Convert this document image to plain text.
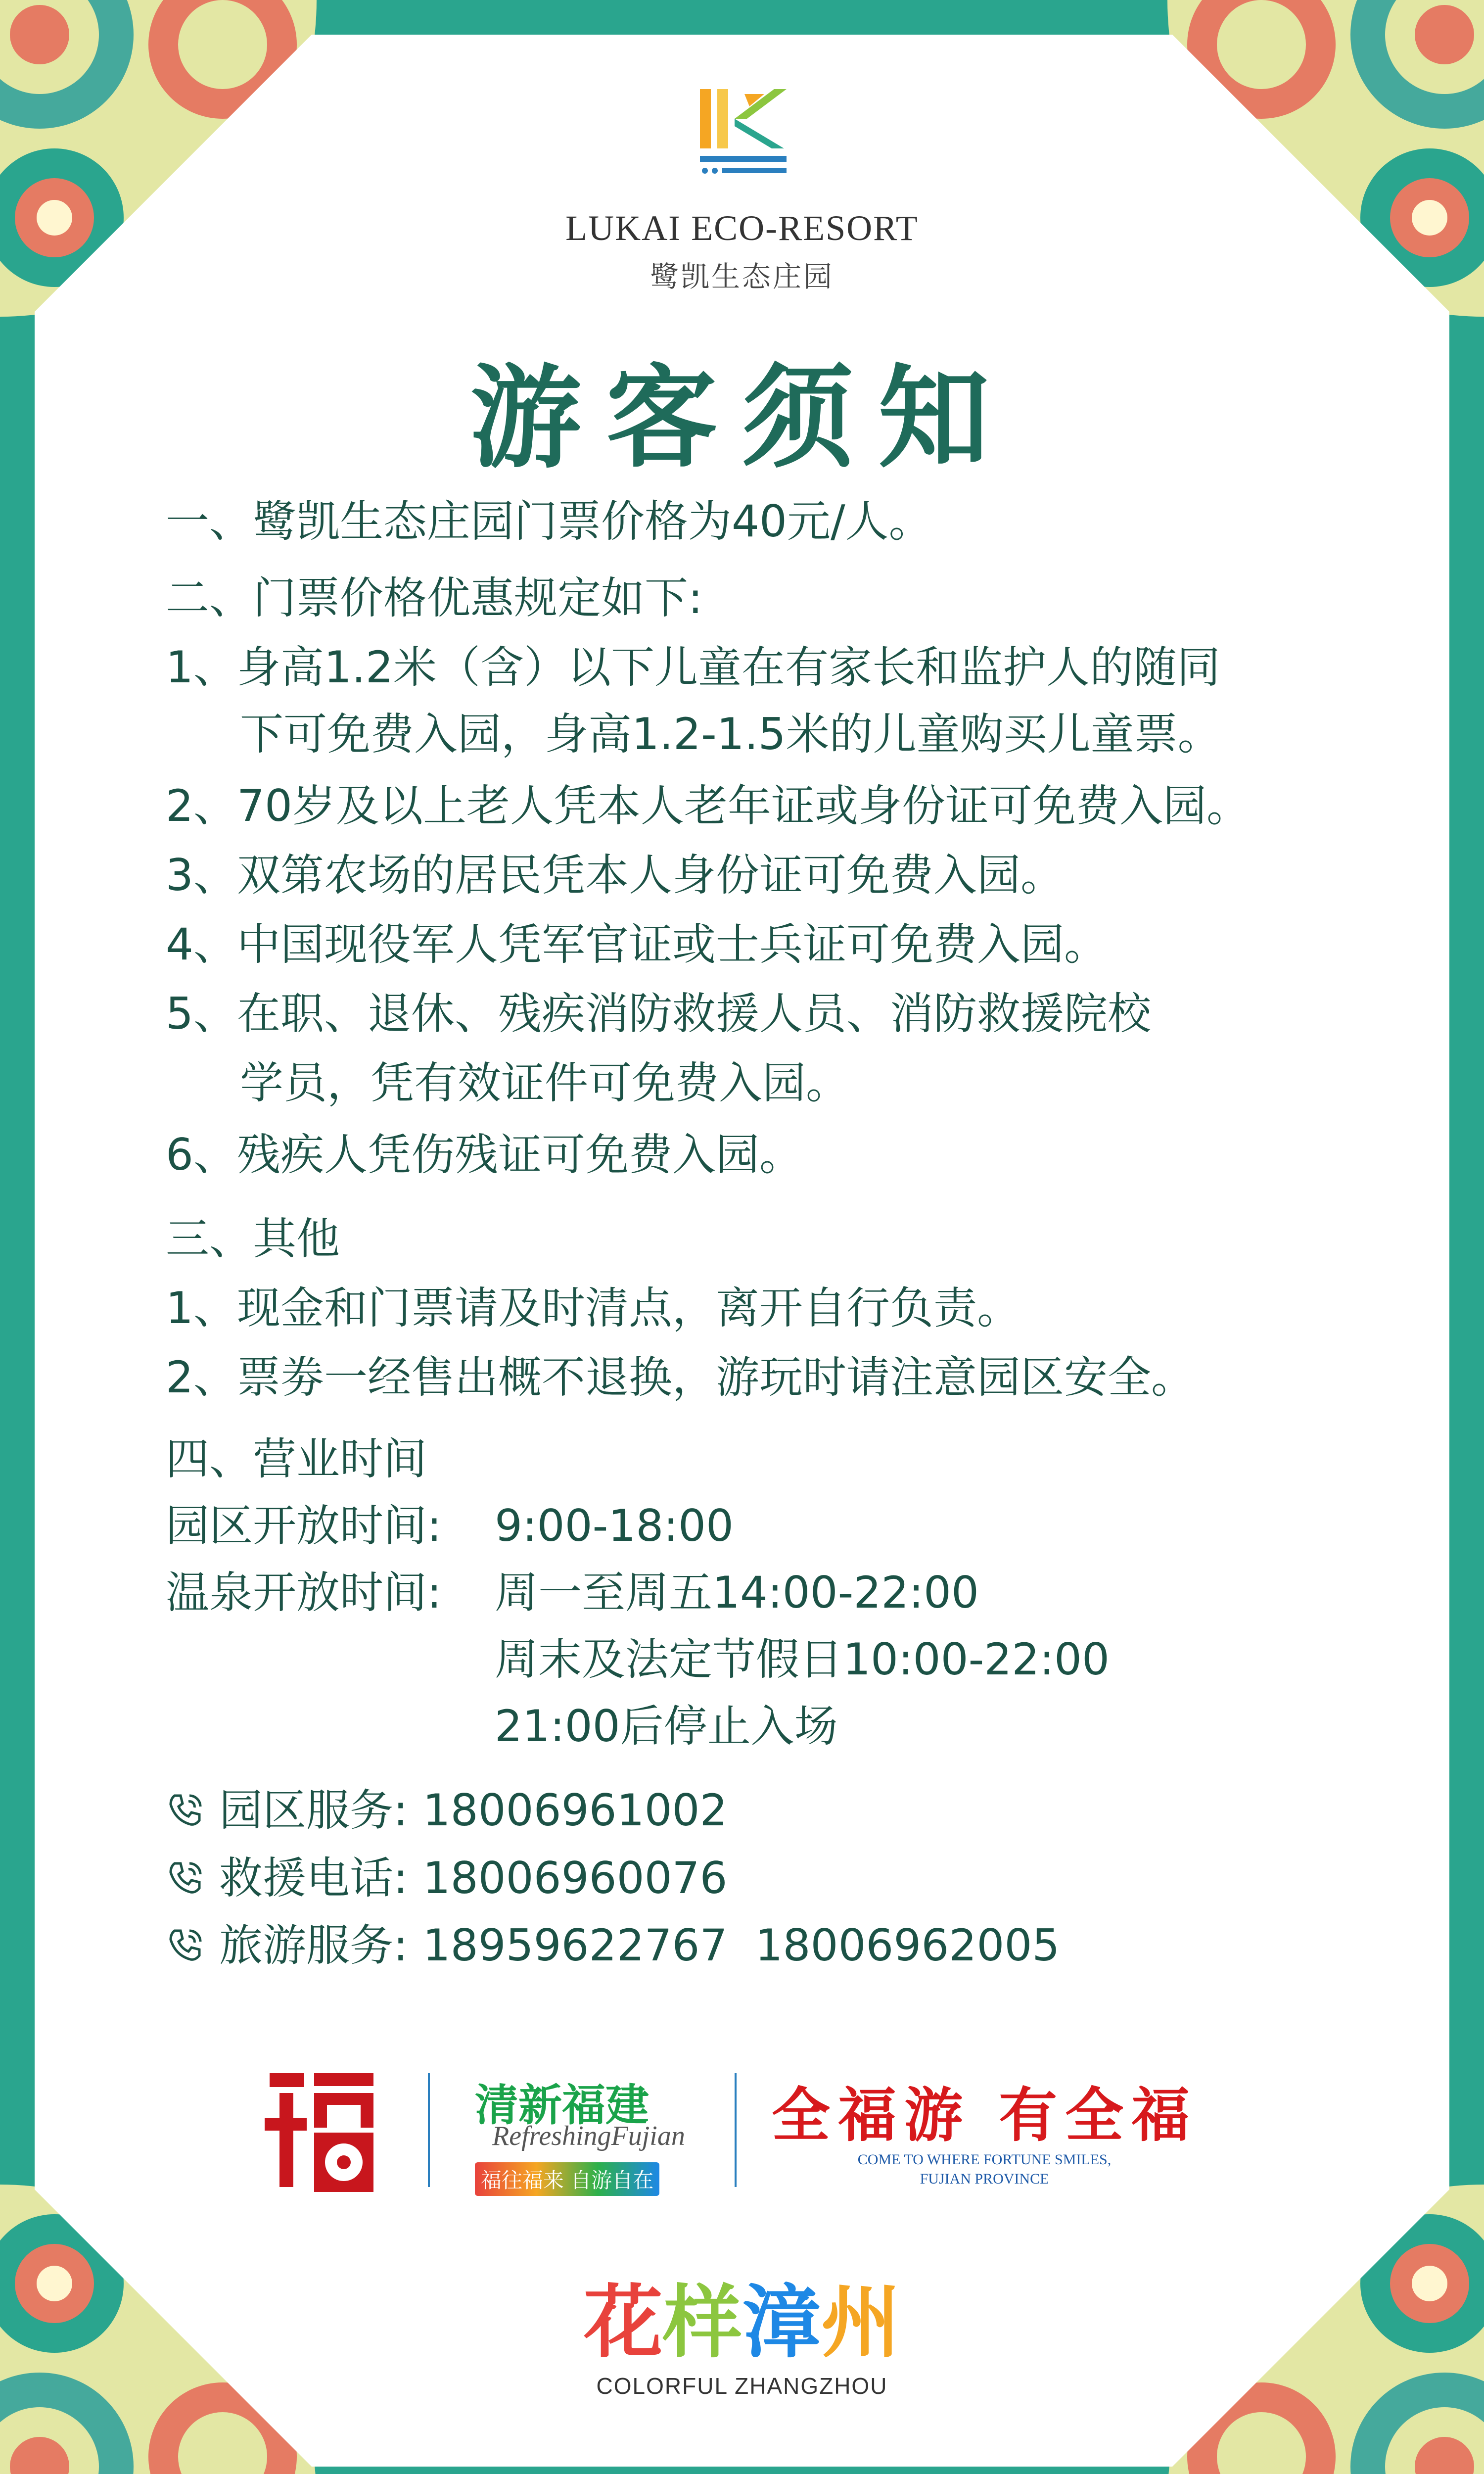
LUKAI ECO-RESORT
鹭凯生态庄园
游客须知
一、鹭凯生态庄园门票价格为40元/人。
二、门票价格优惠规定如下:
1、身高1.2米（含）以下儿童在有家长和监护人的随同
下可免费入园，身高1.2-1.5米的儿童购买儿童票。
2、70岁及以上老人凭本人老年证或身份证可免费入园。
3、双第农场的居民凭本人身份证可免费入园。
4、中国现役军人凭军官证或士兵证可免费入园。
5、在职、退休、残疾消防救援人员、消防救援院校
学员，凭有效证件可免费入园。
6、残疾人凭伤残证可免费入园。
三、其他
1、现金和门票请及时清点，离开自行负责。
2、票劵一经售出概不退换，游玩时请注意园区安全。
四、营业时间
园区开放时间: 9:00-18:00
温泉开放时间: 周一至周五14:00-22:00
周末及法定节假日10:00-22:00
21:00后停止入场
园区服务: 18006961002
救援电话: 18006960076
旅游服务: 18959622767  18006962005
清新福建
RefreshingFujian
福往福来 自游自在
全福游 有全福
COME TO WHERE FORTUNE SMILES,
FUJIAN PROVINCE
花样漳州
COLORFUL ZHANGZHOU
